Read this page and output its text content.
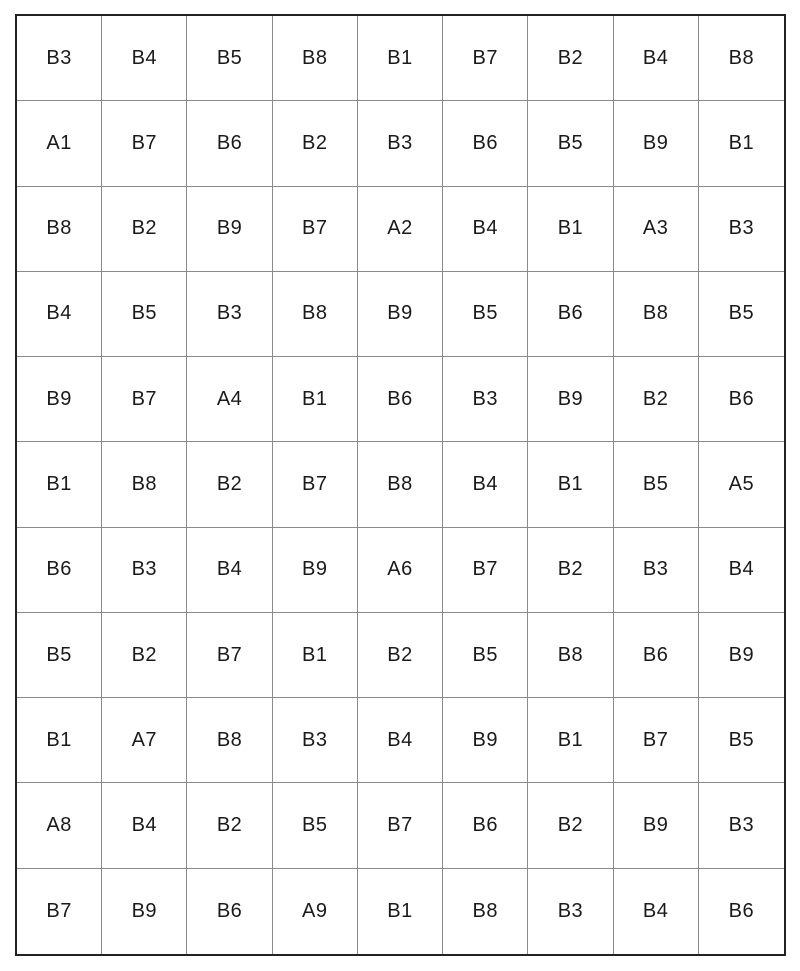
B3	B4	B5	B8	B1	B7	B2	B4	B8
A1	B7	B6	B2	B3	B6	B5	B9	B1
B8	B2	B9	B7	A2	B4	B1	A3	B3
B4	B5	B3	B8	B9	B5	B6	B8	B5
B9	B7	A4	B1	B6	B3	B9	B2	B6
B1	B8	B2	B7	B8	B4	B1	B5	A5
B6	B3	B4	B9	A6	B7	B2	B3	B4
B5	B2	B7	B1	B2	B5	B8	B6	B9
B1	A7	B8	B3	B4	B9	B1	B7	B5
A8	B4	B2	B5	B7	B6	B2	B9	B3
B7	B9	B6	A9	B1	B8	B3	B4	B6
